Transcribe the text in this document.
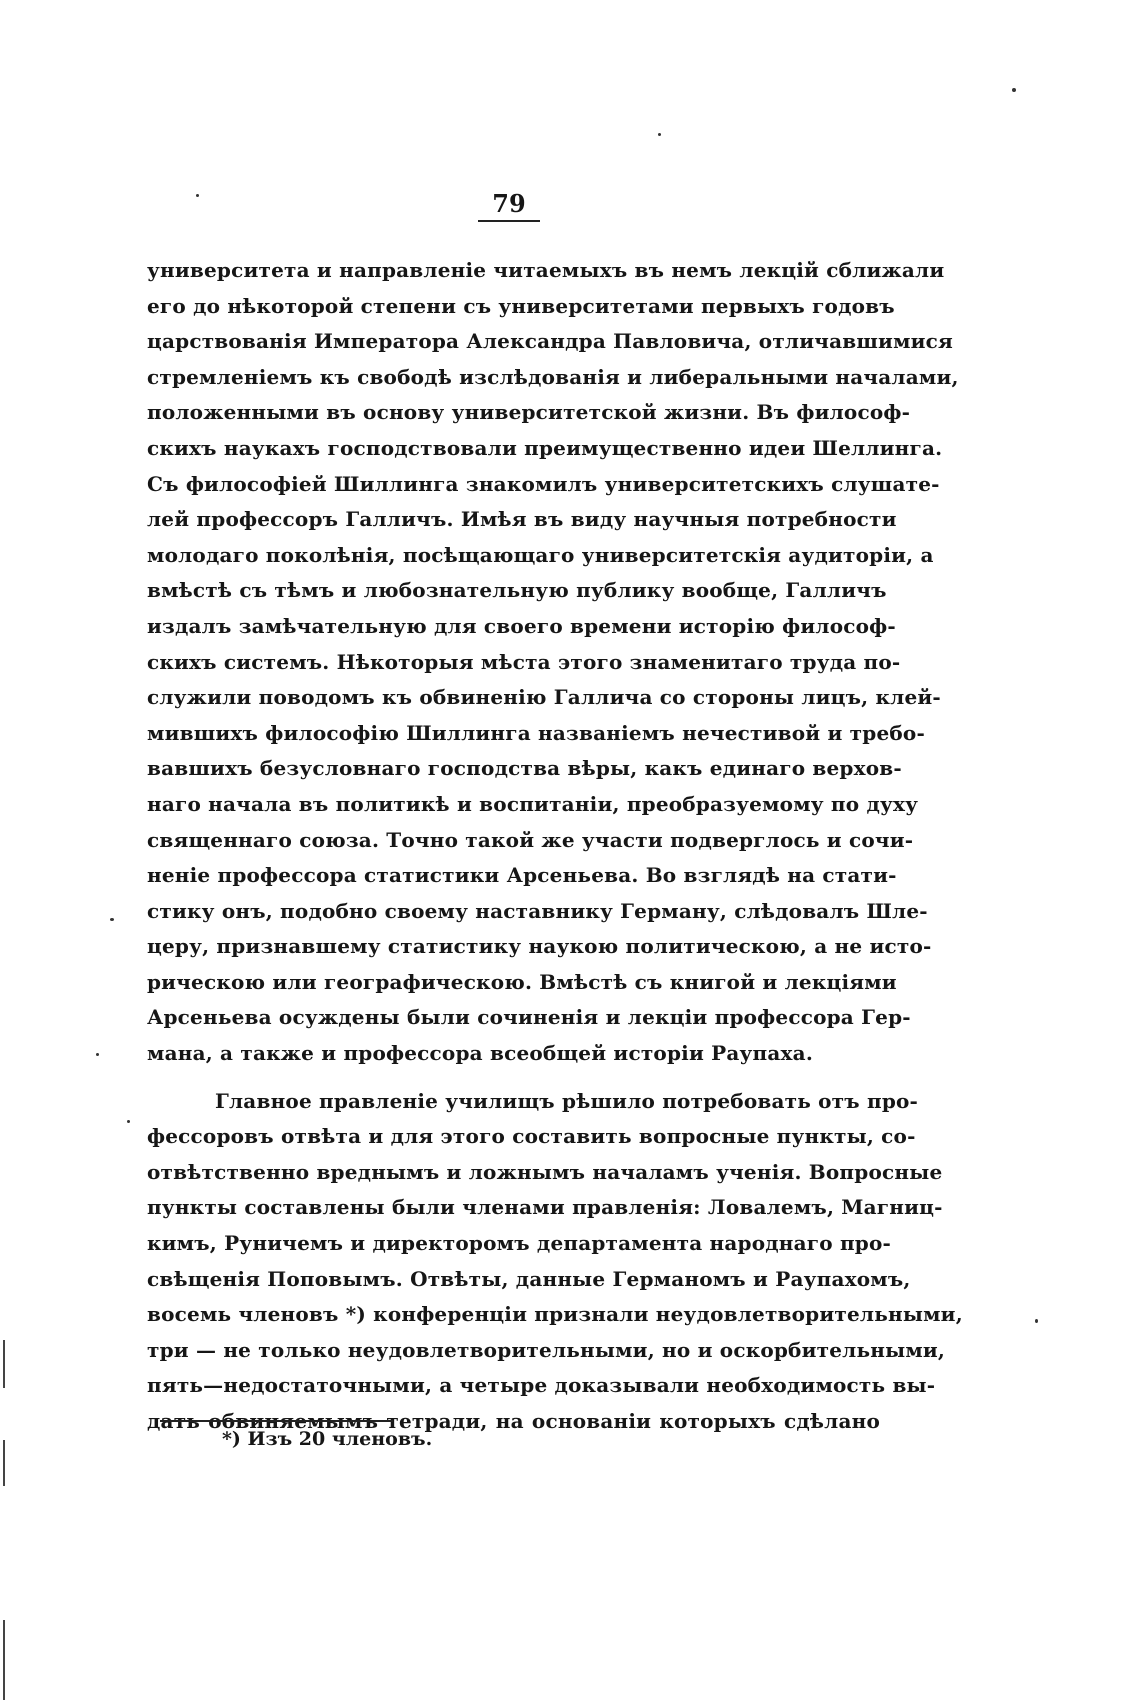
79
университета и направленіе читаемыхъ въ немъ лекцій сближали
его до нѣкоторой степени съ университетами первыхъ годовъ
царствованія Императора Александра Павловича, отличавшимися
стремленіемъ къ свободѣ изслѣдованія и либеральными началами,
положенными въ основу университетской жизни. Въ философ-
скихъ наукахъ господствовали преимущественно идеи Шеллинга.
Съ философіей Шиллинга знакомилъ университетскихъ слушате-
лей профессоръ Галличъ. Имѣя въ виду научныя потребности
молодаго поколѣнія, посѣщающаго университетскія аудиторіи, а
вмѣстѣ съ тѣмъ и любознательную публику вообще, Галличъ
издалъ замѣчательную для своего времени исторію философ-
скихъ системъ. Нѣкоторыя мѣста этого знаменитаго труда по-
служили поводомъ къ обвиненію Галлича со стороны лицъ, клей-
мившихъ философію Шиллинга названіемъ нечестивой и требо-
вавшихъ безусловнаго господства вѣры, какъ единаго верхов-
наго начала въ политикѣ и воспитаніи, преобразуемому по духу
священнаго союза. Точно такой же участи подверглось и сочи-
неніе профессора статистики Арсеньева. Во взглядѣ на стати-
стику онъ, подобно своему наставнику Герману, слѣдовалъ Шле-
церу, признавшему статистику наукою политическою, а не исто-
рическою или географическою. Вмѣстѣ съ книгой и лекціями
Арсеньева осуждены были сочиненія и лекціи профессора Гер-
мана, а также и профессора всеобщей исторіи Раупаха.
Главное правленіе училищъ рѣшило потребовать отъ про-
фессоровъ отвѣта и для этого составить вопросные пункты, со-
отвѣтственно вреднымъ и ложнымъ началамъ ученія. Вопросные
пункты составлены были членами правленія: Ловалемъ, Магниц-
кимъ, Руничемъ и директоромъ департамента народнаго про-
свѣщенія Поповымъ. Отвѣты, данные Германомъ и Раупахомъ,
восемь членовъ *) конференціи признали неудовлетворительными,
три — не только неудовлетворительными, но и оскорбительными,
пять—недостаточными, а четыре доказывали необходимость вы-
дать обвиняемымъ тетради, на основаніи которыхъ сдѣлано
*) Изъ 20 членовъ.
